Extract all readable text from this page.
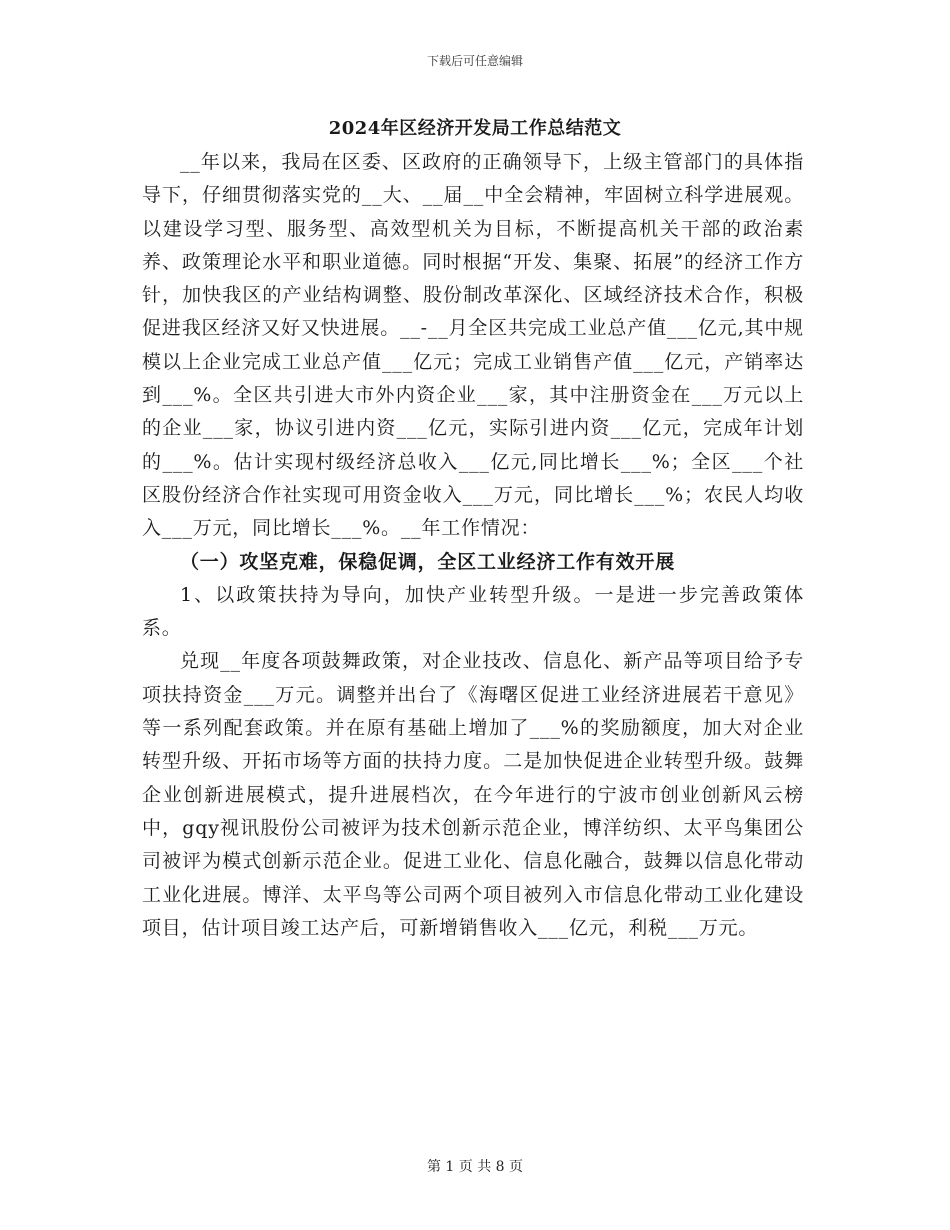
下载后可任意编辑
2024年区经济开发局工作总结范文

__年以来，我局在区委、区政府的正确领导下，上级主管部门的具体指导下，仔细贯彻落实党的__大、__届__中全会精神，牢固树立科学进展观。以建设学习型、服务型、高效型机关为目标，不断提高机关干部的政治素养、政策理论水平和职业道德。同时根据“开发、集聚、拓展”的经济工作方针，加快我区的产业结构调整、股份制改革深化、区域经济技术合作，积极促进我区经济又好又快进展。__-__月全区共完成工业总产值___亿元,其中规模以上企业完成工业总产值___亿元；完成工业销售产值___亿元，产销率达到___%。全区共引进大市外内资企业___家，其中注册资金在___万元以上的企业___家，协议引进内资___亿元，实际引进内资___亿元，完成年计划的___%。估计实现村级经济总收入___亿元,同比增长___%；全区___个社区股份经济合作社实现可用资金收入___万元，同比增长___%；农民人均收入___万元，同比增长___%。__年工作情况：

（一）攻坚克难，保稳促调，全区工业经济工作有效开展

1、以政策扶持为导向，加快产业转型升级。一是进一步完善政策体系。

兑现__年度各项鼓舞政策，对企业技改、信息化、新产品等项目给予专项扶持资金___万元。调整并出台了《海曙区促进工业经济进展若干意见》等一系列配套政策。并在原有基础上增加了___%的奖励额度，加大对企业转型升级、开拓市场等方面的扶持力度。二是加快促进企业转型升级。鼓舞企业创新进展模式，提升进展档次，在今年进行的宁波市创业创新风云榜中，gqy视讯股份公司被评为技术创新示范企业，博洋纺织、太平鸟集团公司被评为模式创新示范企业。促进工业化、信息化融合，鼓舞以信息化带动工业化进展。博洋、太平鸟等公司两个项目被列入市信息化带动工业化建设项目，估计项目竣工达产后，可新增销售收入___亿元，利税___万元。

第 1 页 共 8 页
